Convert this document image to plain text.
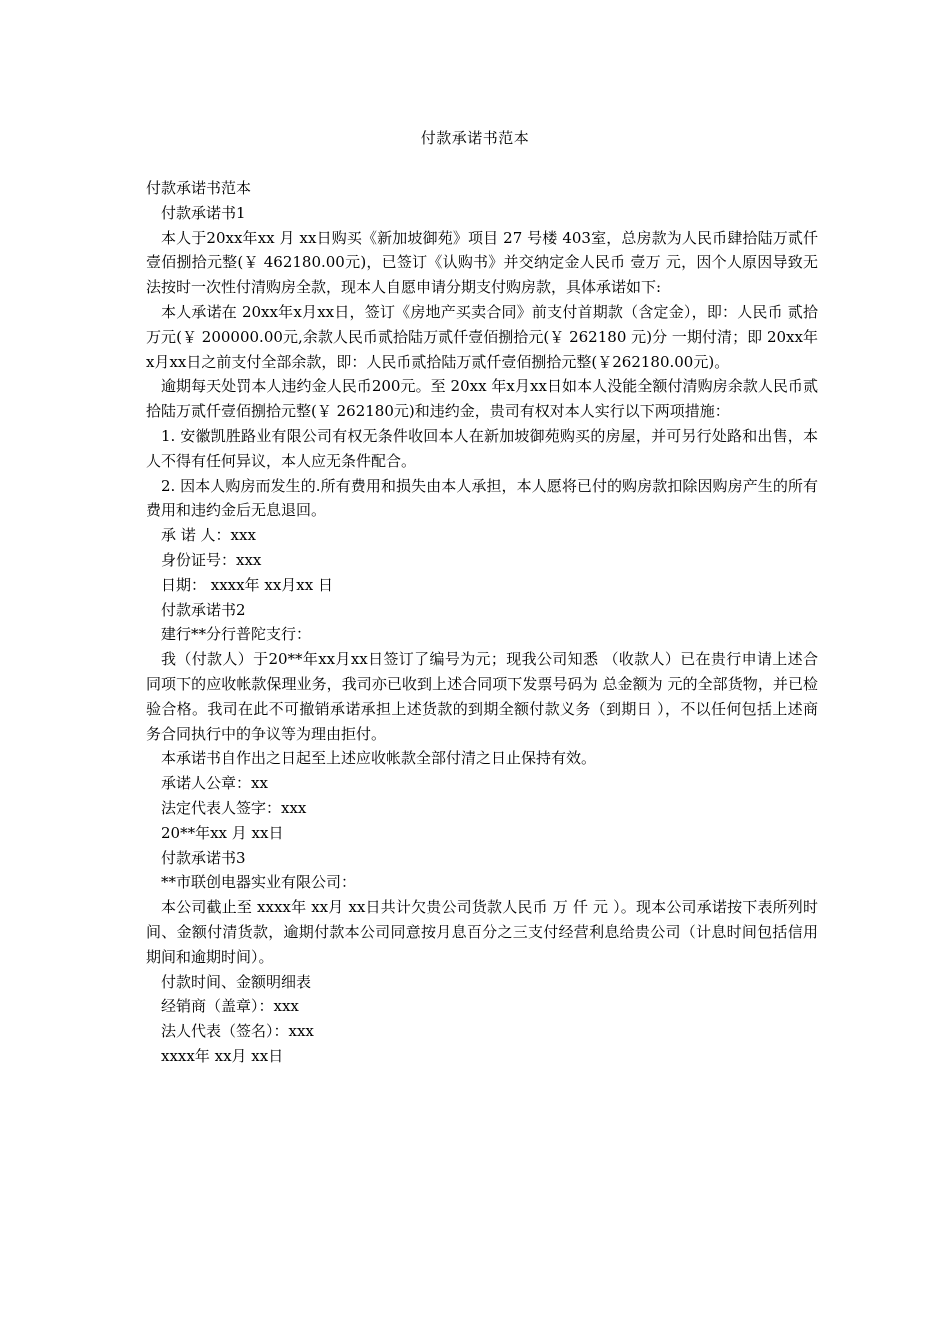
付款承诺书范本

付款承诺书范本

付款承诺书1

本人于20xx年xx 月 xx日购买《新加坡御苑》项目 27 号楼 403室，总房款为人民币肆拾陆万贰仟壹佰捌拾元整(￥ 462180.00元)，已签订《认购书》并交纳定金人民币 壹万 元，因个人原因导致无法按时一次性付清购房全款，现本人自愿申请分期支付购房款，具体承诺如下:

本人承诺在 20xx年x月xx日，签订《房地产买卖合同》前支付首期款（含定金），即：人民币 贰拾万元(￥ 200000.00元,余款人民币贰拾陆万贰仟壹佰捌拾元(￥ 262180 元)分 一期付清；即 20xx年x月xx日之前支付全部余款，即：人民币贰拾陆万贰仟壹佰捌拾元整(￥262180.00元)。

逾期每天处罚本人违约金人民币200元。至 20xx 年x月xx日如本人没能全额付清购房余款人民币贰拾陆万贰仟壹佰捌拾元整(￥ 262180元)和违约金，贵司有权对本人实行以下两项措施：

1. 安徽凯胜路业有限公司有权无条件收回本人在新加坡御苑购买的房屋，并可另行处路和出售，本人不得有任何异议，本人应无条件配合。

2. 因本人购房而发生的.所有费用和损失由本人承担，本人愿将已付的购房款扣除因购房产生的所有费用和违约金后无息退回。

承 诺 人：xxx

身份证号：xxx

日期： xxxx年 xx月xx 日

付款承诺书2

建行**分行普陀支行：

我（付款人）于20**年xx月xx日签订了编号为元；现我公司知悉 （收款人）已在贵行申请上述合同项下的应收帐款保理业务，我司亦已收到上述合同项下发票号码为 总金额为 元的全部货物，并已检验合格。我司在此不可撤销承诺承担上述货款的到期全额付款义务（到期日 ），不以任何包括上述商务合同执行中的争议等为理由拒付。

本承诺书自作出之日起至上述应收帐款全部付清之日止保持有效。

承诺人公章：xx

法定代表人签字：xxx

20**年xx 月 xx日

付款承诺书3

**市联创电器实业有限公司：

本公司截止至 xxxx年 xx月 xx日共计欠贵公司货款人民币 万 仟 元 ）。现本公司承诺按下表所列时间、金额付清货款，逾期付款本公司同意按月息百分之三支付经营利息给贵公司（计息时间包括信用期间和逾期时间）。

付款时间、金额明细表

经销商（盖章）：xxx

法人代表（签名）：xxx

xxxx年 xx月 xx日
